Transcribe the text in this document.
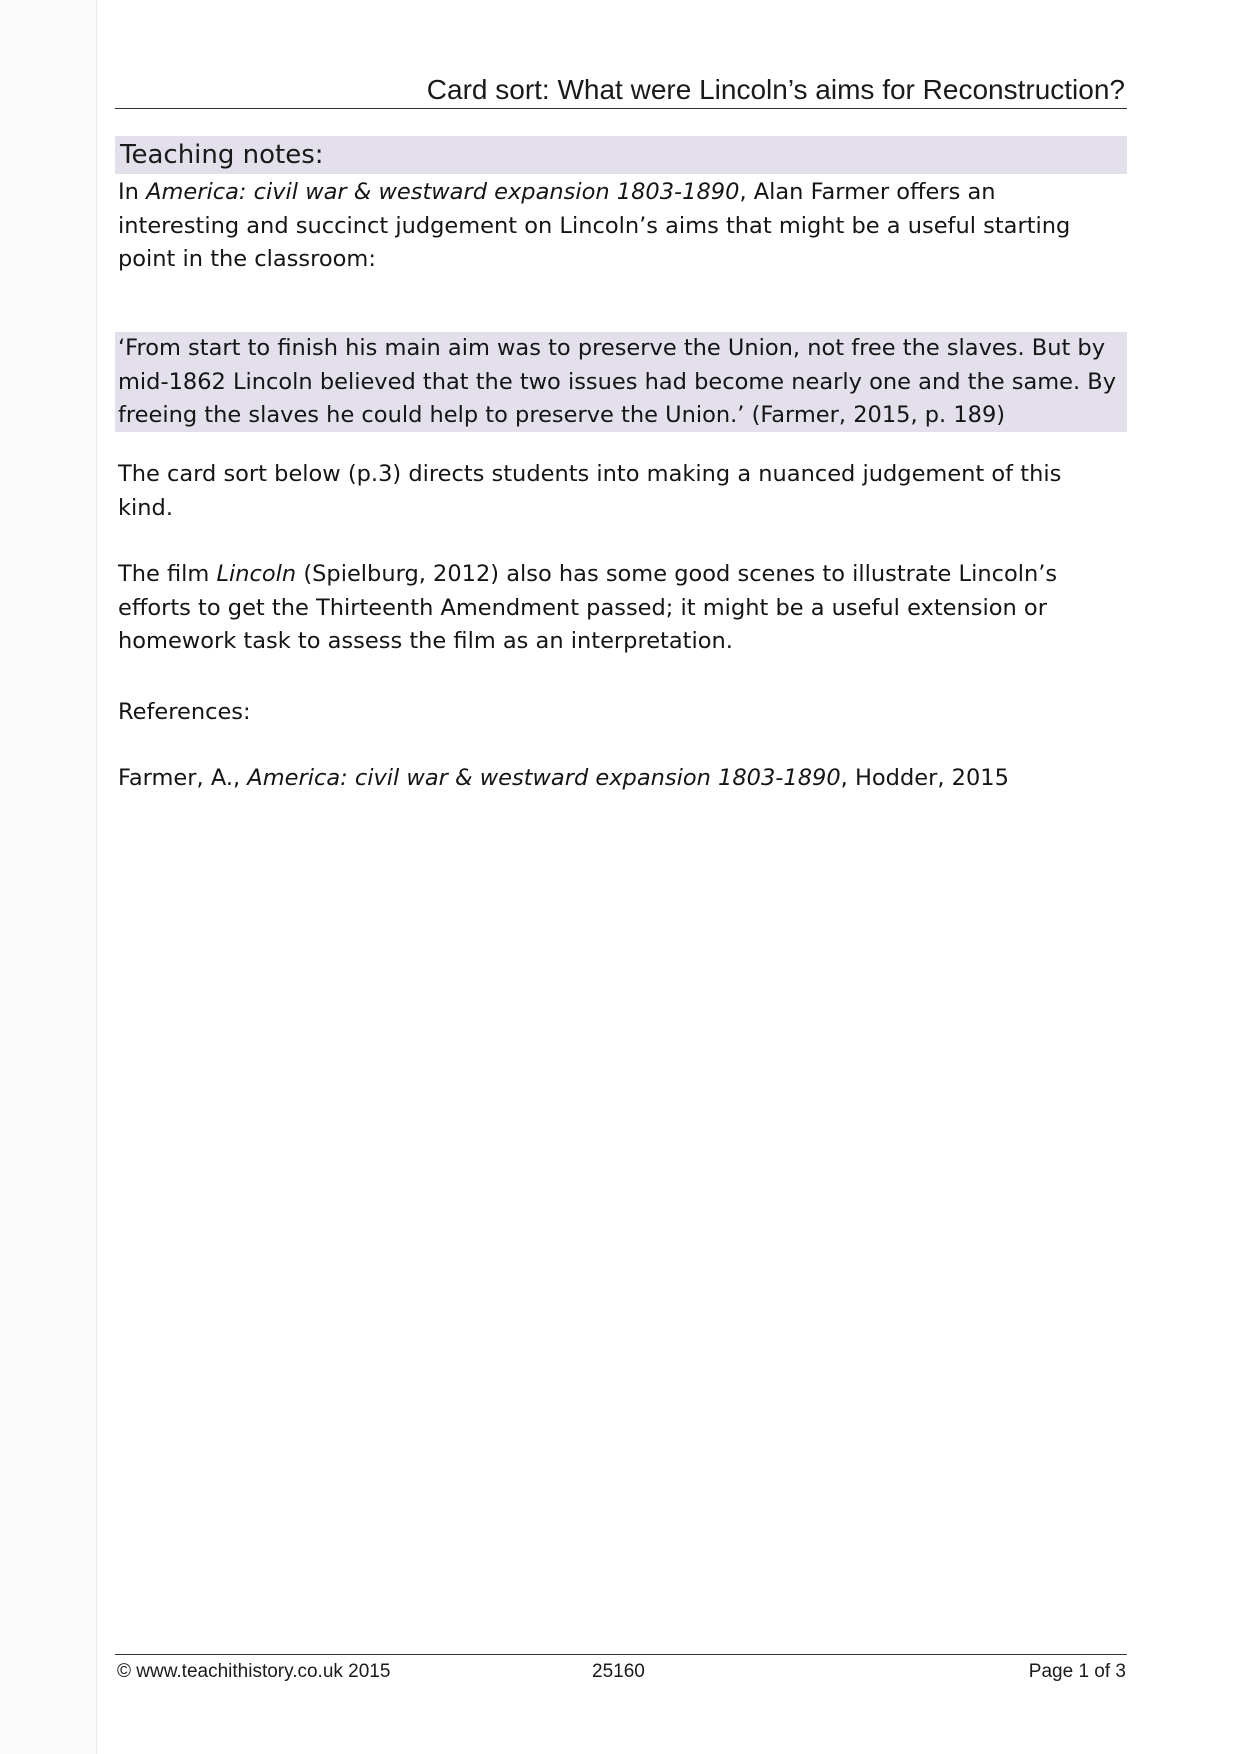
Card sort: What were Lincoln’s aims for Reconstruction?
Teaching notes:

In America: civil war & westward expansion 1803-1890, Alan Farmer offers an interesting and succinct judgement on Lincoln’s aims that might be a useful starting point in the classroom:

‘From start to finish his main aim was to preserve the Union, not free the slaves. But by mid-1862 Lincoln believed that the two issues had become nearly one and the same. By freeing the slaves he could help to preserve the Union.’ (Farmer, 2015, p. 189)

The card sort below (p.3) directs students into making a nuanced judgement of this kind.

The film Lincoln (Spielburg, 2012) also has some good scenes to illustrate Lincoln’s efforts to get the Thirteenth Amendment passed; it might be a useful extension or homework task to assess the film as an interpretation.

References:

Farmer, A., America: civil war & westward expansion 1803-1890, Hodder, 2015

© www.teachithistory.co.uk 2015	25160	Page 1 of 3
